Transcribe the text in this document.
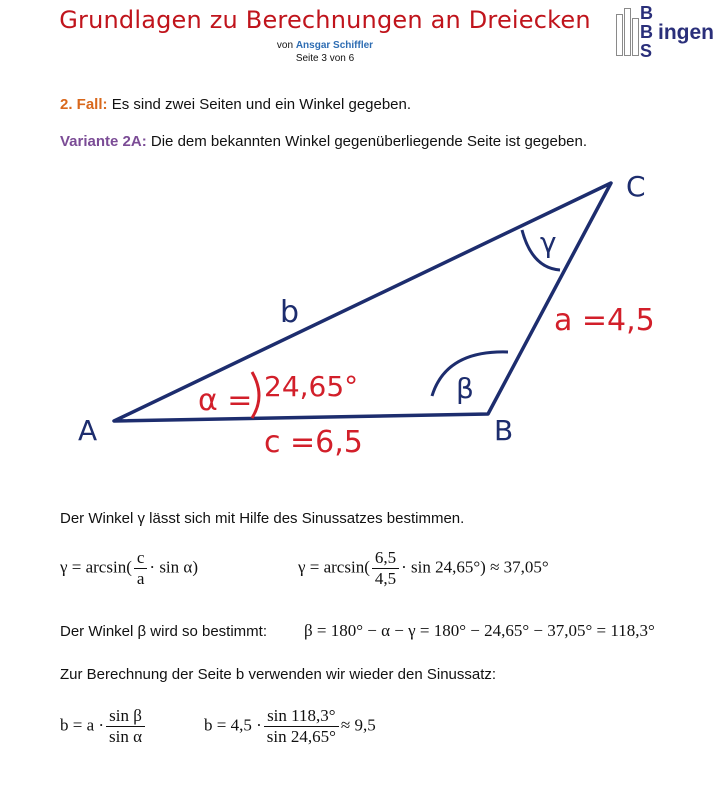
Grundlagen zu Berechnungen an Dreiecken
von Ansgar Schiffler
Seite 3 von 6
B
B
S
ingen
2. Fall: Es sind zwei Seiten und ein Winkel gegeben.
Variante 2A: Die dem bekannten Winkel gegenüberliegende Seite ist gegeben.
A	B
C
b	a =4,5
c =6,5
α = 24,65°	β
γ
Der Winkel γ lässt sich mit Hilfe des Sinussatzes bestimmen.
$\gamma = \arcsin( \frac{c}{a} \cdot \sin \alpha)$	$\gamma = \arcsin( \frac{6,5}{4,5} \cdot \sin 24,65^\circ) \approx 37,05^\circ$
Der Winkel β wird so bestimmt: β = 180° − α − γ = 180° − 24,65° − 37,05° = 118,3°
Zur Berechnung der Seite b verwenden wir wieder den Sinussatz:
$b = a \cdot \frac{\text{sin β}}{\text{sin α}}$	$b = 4,5 \cdot \frac{\sin 118,3^\circ}{\sin 24,65^\circ} \approx 9,5$
